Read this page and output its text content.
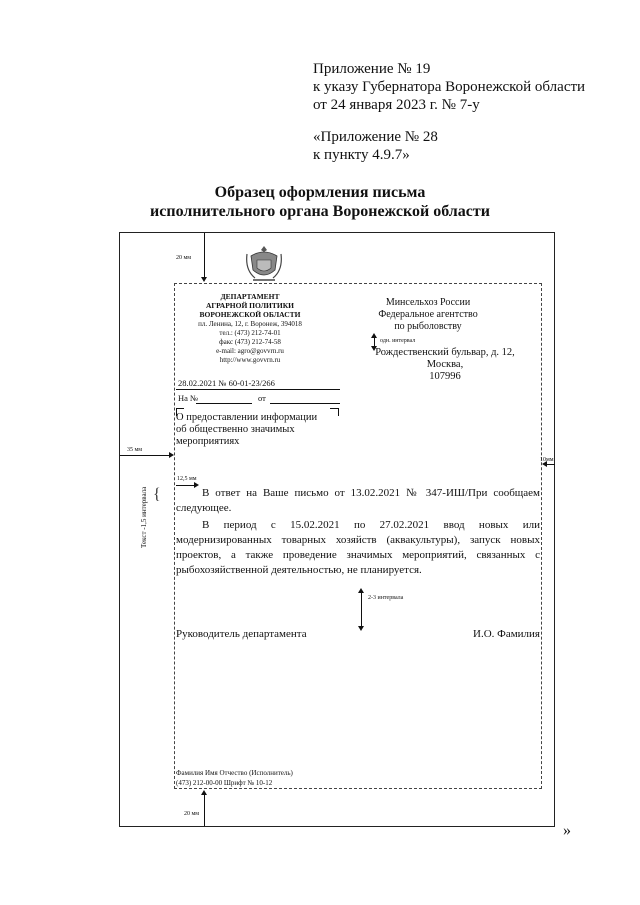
Приложение № 19
к указу Губернатора Воронежской области
от 24 января 2023 г. № 7-у
«Приложение № 28
к пункту 4.9.7»
Образец оформления письма
исполнительного органа Воронежской области
20 мм
ДЕПАРТАМЕНТ
АГРАРНОЙ ПОЛИТИКИ
ВОРОНЕЖСКОЙ ОБЛАСТИ
пл. Ленина, 12, г. Воронеж, 394018
тел.: (473) 212-74-01
факс (473) 212-74-58
e-mail: agro@govvrn.ru
http://www.govvrn.ru
Минсельхоз России
Федеральное агентство
по рыболовству
одн. интервал
Рождественский бульвар, д. 12,
Москва,
107996
28.02.2021 № 60-01-23/266
На №	от
О предоставлении информации
об общественно значимых
мероприятиях
35 мм
10мм
12,5 мм
Текст -1,5 интервала {	В ответ на Ваше письмо от 13.02.2021 № 347-ИШ/При сообщаем следующее.
В период с 15.02.2021 по 27.02.2021 ввод новых или модернизированных товарных хозяйств (аквакультуры), запуск новых проектов, а также проведение значимых мероприятий, связанных с рыбохозяйственной деятельностью, не планируется.
2-3 интервала
Руководитель департамента	И.О. Фамилия
Фамилия Имя Отчество (Исполнитель)
(473) 212-00-00 Шрифт № 10-12
20 мм
»
